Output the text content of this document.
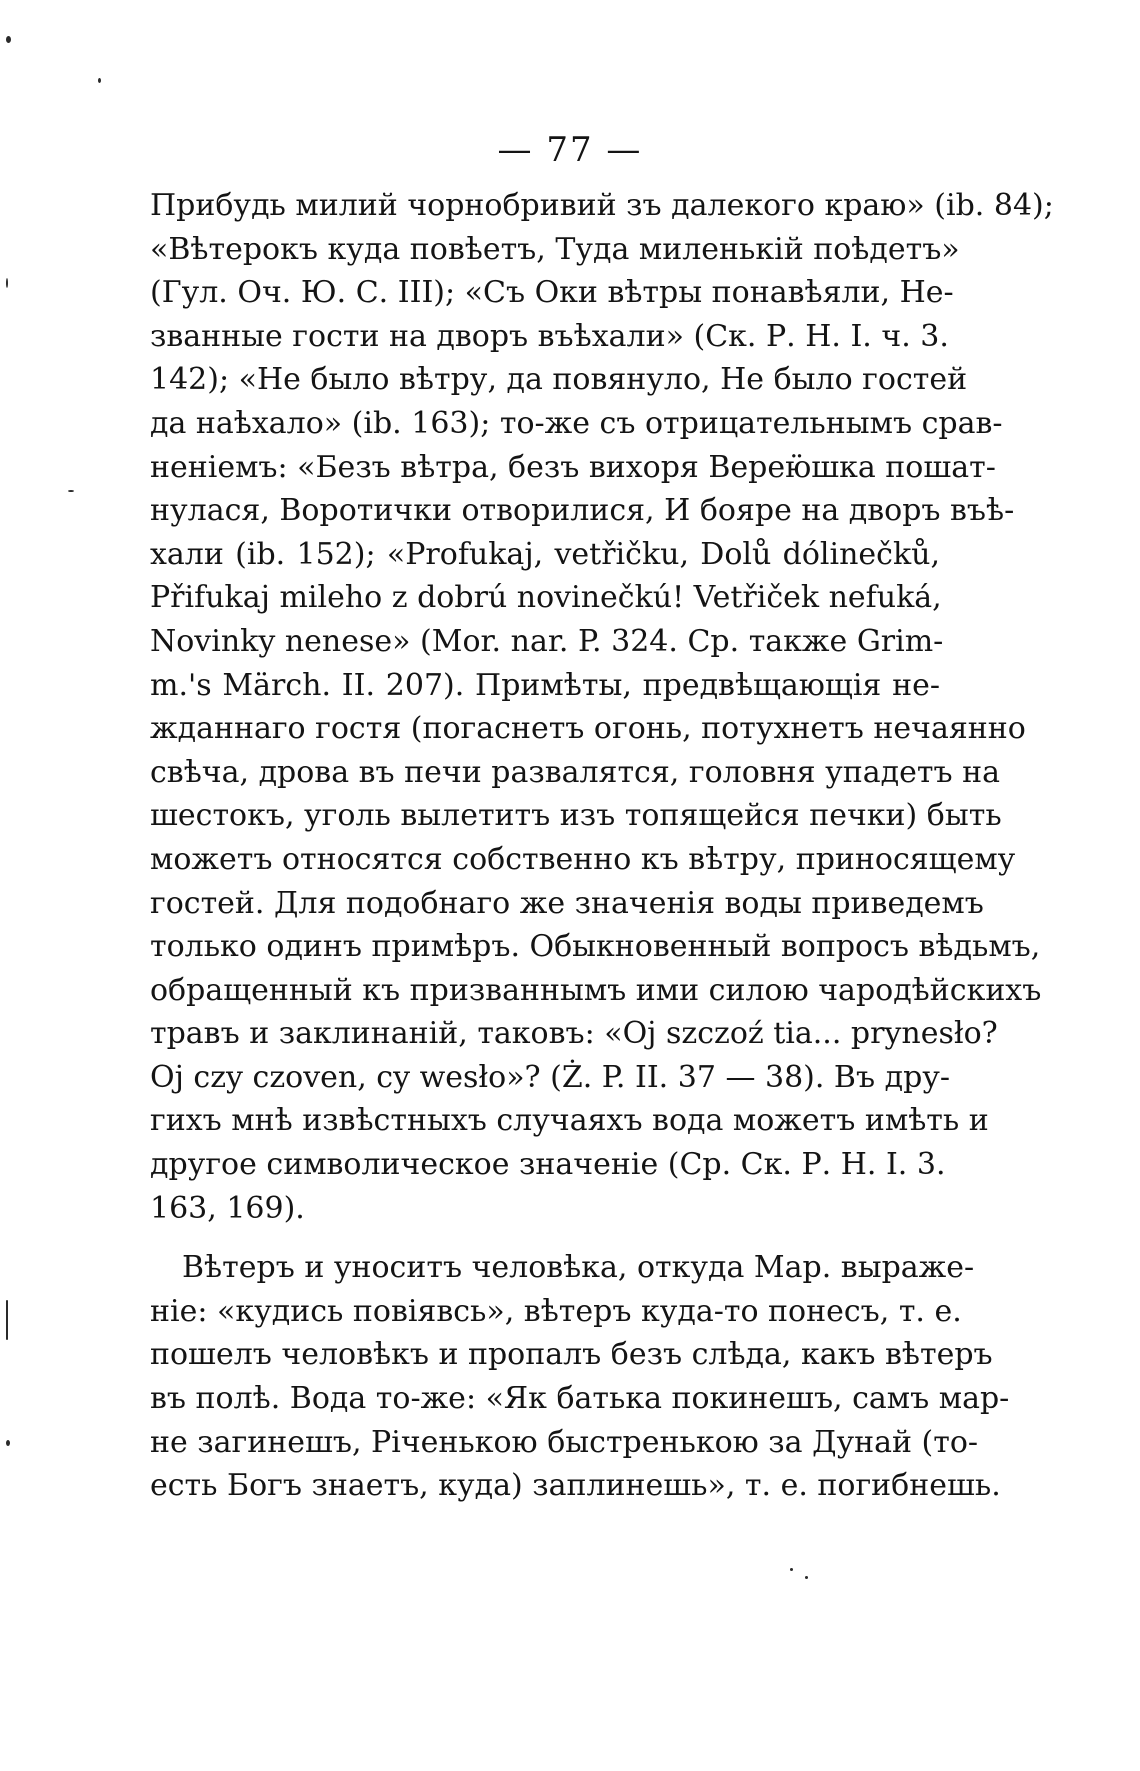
— 77 —
Прибудь милий чорнобривий зъ далекого краю» (ib. 84);
«Вѣтерокъ куда повѣетъ, Туда миленькій поѣдетъ»
(Гул. Оч. Ю. С. III); «Съ Оки вѣтры понавѣяли, Не-
званные гости на дворъ въѣхали» (Ск. Р. Н. I. ч. 3.
142); «Не было вѣтру, да повянуло, Не было гостей
да наѣхало» (ib. 163); то-же съ отрицательнымъ срав-
неніемъ: «Безъ вѣтра, безъ вихоря Верею̈шка пошат-
нулася, Воротички отворилися, И бояре на дворъ въѣ-
хали (ib. 152); «Profukaj, vetřičku, Dolů dólinečků,
Přifukaj mileho z dobrú novinečkú! Vetřiček nefuká,
Novinky nenese» (Mor. nar. P. 324. Ср. также Grim-
m.'s Märch. II. 207). Примѣты, предвѣщающія не-
жданнаго гостя (погаснетъ огонь, потухнетъ нечаянно
свѣча, дрова въ печи развалятся, головня упадетъ на
шестокъ, уголь вылетитъ изъ топящейся печки) быть
можетъ относятся собственно къ вѣтру, приносящему
гостей. Для подобнаго же значенія воды приведемъ
только одинъ примѣръ. Обыкновенный вопросъ вѣдьмъ,
обращенный къ призваннымъ ими силою чародѣйскихъ
травъ и заклинаній, таковъ: «Oj szczoź tia... prynesło?
Oj czy czoven, cy wesło»? (Ż. P. II. 37 — 38). Въ дру-
гихъ мнѣ извѣстныхъ случаяхъ вода можетъ имѣть и
другое символическое значеніе (Ср. Ск. Р. Н. I. 3.
163, 169).
Вѣтеръ и уноситъ человѣка, откуда Мар. выраже-
ніе: «кудись повіявсь», вѣтеръ куда-то понесъ, т. е.
пошелъ человѣкъ и пропалъ безъ слѣда, какъ вѣтеръ
въ полѣ. Вода то-же: «Як батька покинешъ, самъ мар-
не загинешъ, Річенькою быстренькою за Дунай (то-
есть Богъ знаетъ, куда) заплинешь», т. е. погибнешь.
